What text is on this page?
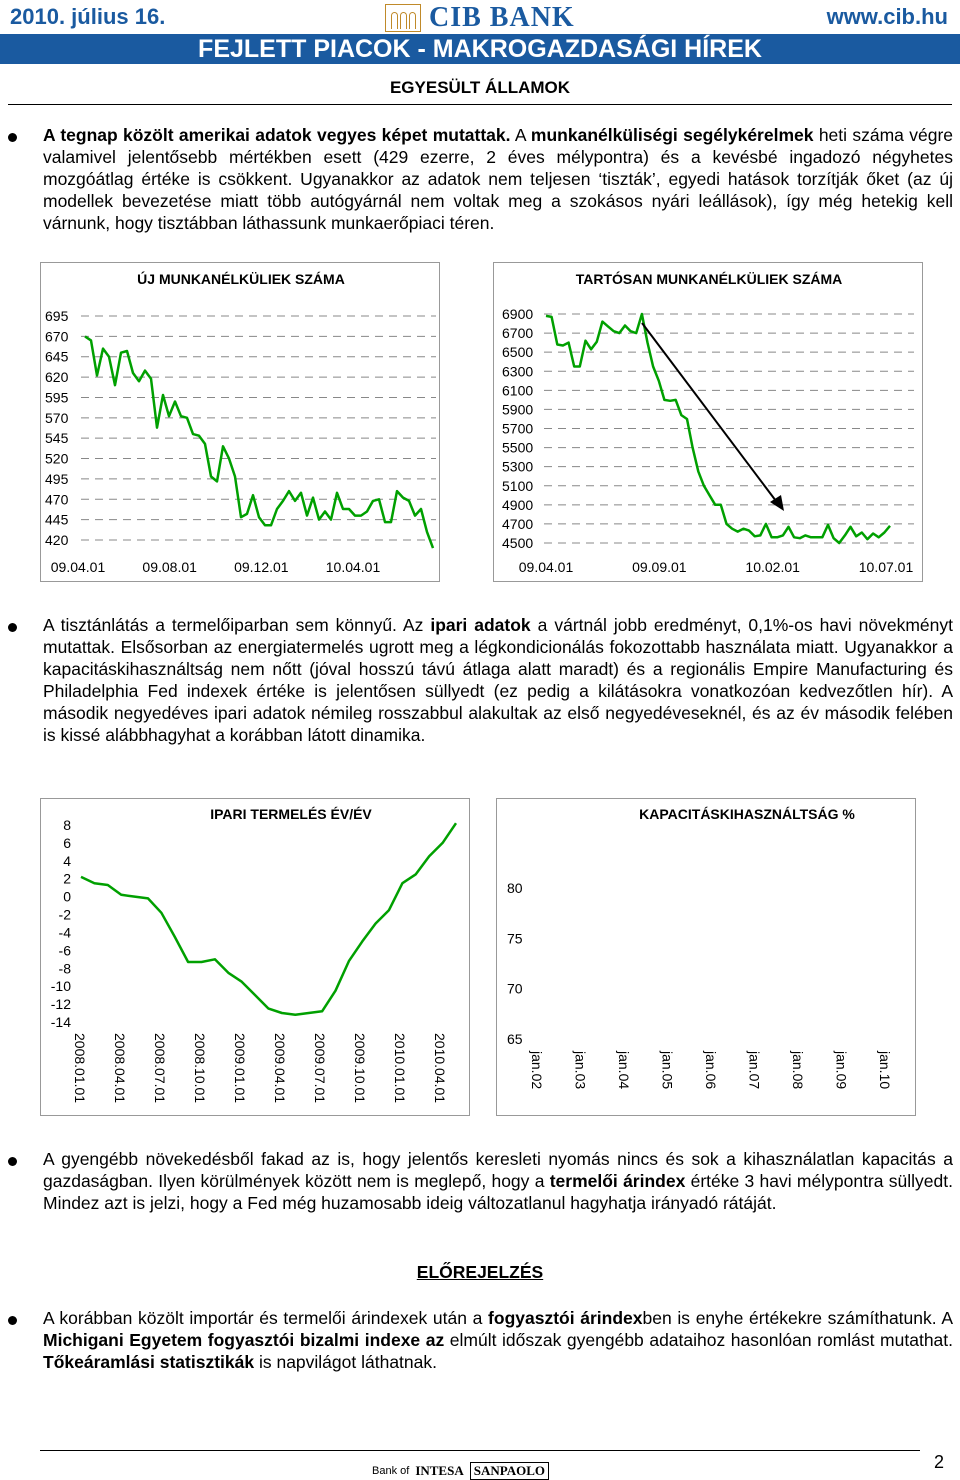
2010. július 16.	CIB BANK	www.cib.hu
FEJLETT PIACOK - MAKROGAZDASÁGI HÍREK
EGYESÜLT ÁLLAMOK
A tegnap közölt amerikai adatok vegyes képet mutattak. A munkanélküliségi segélykérelmek heti száma végre valamivel jelentősebb mértékben esett (429 ezerre, 2 éves mélypontra) és a kevésbé ingadozó négyhetes mozgóátlag értéke is csökkent. Ugyanakkor az adatok nem teljesen ‘tiszták’, egyedi hatások torzítják őket (az új modellek bevezetése miatt több autógyárnál nem voltak meg a szokásos nyári leállások), így még hetekig kell várnunk, hogy tisztábban láthassunk munkaerőpiaci téren.
ÚJ MUNKANÉLKÜLIEK SZÁMA
695
670
645
620
595
570
545
520
495
470
445
420
09.04.01	09.08.01	09.12.01	10.04.01
TARTÓSAN MUNKANÉLKÜLIEK SZÁMA
6900
6700
6500
6300
6100
5900
5700
5500
5300
5100
4900
4700
4500
09.04.01	09.09.01	10.02.01	10.07.01
A tisztánlátás a termelőiparban sem könnyű. Az ipari adatok a vártnál jobb eredményt, 0,1%-os havi növekményt mutattak. Elsősorban az energiatermelés ugrott meg a légkondicionálás fokozottabb használata miatt. Ugyanakkor a kapacitáskihasználtság nem nőtt (jóval hosszú távú átlaga alatt maradt) és a regionális Empire Manufacturing és Philadelphia Fed indexek értéke is jelentősen süllyedt (ez pedig a kilátásokra vonatkozóan kedvezőtlen hír). A második negyedéves ipari adatok némileg rosszabbul alakultak az első negyedéveseknél, és az év második felében is kissé alábbhagyhat a korábban látott dinamika.
IPARI TERMELÉS ÉV/ÉV
8
6
4
2
0
-2
-4
-6
-8
-10
-12
-14
2008.01.01 2008.04.01 2008.07.01 2008.10.01 2009.01.01 2009.04.01 2009.07.01 2009.10.01 2010.01.01 2010.04.01
KAPACITÁSKIHASZNÁLTSÁG %
80
75
70
65
jan.02 jan.03 jan.04 jan.05 jan.06 jan.07 jan.08 jan.09 jan.10
A gyengébb növekedésből fakad az is, hogy jelentős keresleti nyomás nincs és sok a kihasználatlan kapacitás a gazdaságban. Ilyen körülmények között nem is meglepő, hogy a termelői árindex értéke 3 havi mélypontra süllyedt. Mindez azt is jelzi, hogy a Fed még huzamosabb ideig változatlanul hagyhatja irányadó rátáját.
ELŐREJELZÉS
A korábban közölt importár és termelői árindexek után a fogyasztói árindexben is enyhe értékekre számíthatunk. A Michigani Egyetem fogyasztói bizalmi indexe az elmúlt időszak gyengébb adataihoz hasonlóan romlást mutathat. Tőkeáramlási statisztikák is napvilágot láthatnak.
2
Bank of INTESA SANPAOLO
